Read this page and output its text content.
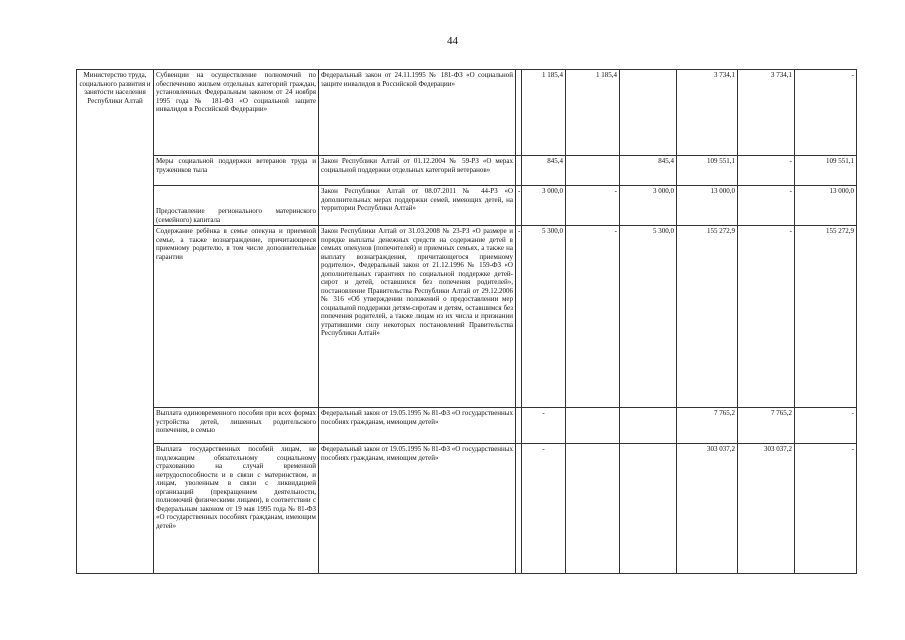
44
Министерство труда, социального развития и занятости населения Республики Алтай	Субвенции на осуществление полномочий по обеспечению жильем отдельных категорий граждан, установленных Федеральным законом от 24 ноября 1995 года № 181-ФЗ «О социальной защите инвалидов в Российской Федерации»	Федеральный закон от 24.11.1995 № 181-ФЗ «О социальной защите инвалидов в Российской Федерации»		1 185,4	1 185,4		3 734,1	3 734,1	-
	Меры социальной поддержки ветеранов труда и тружеников тыла	Закон Республики Алтай от 01.12.2004 № 59-РЗ «О мерах социальной поддержки отдельных категорий ветеранов»		845,4		845,4	109 551,1	-	109 551,1
	Предоставление регионального материнского (семейного) капитала	Закон Республики Алтай от 08.07.2011 № 44-РЗ «О дополнительных мерах поддержки семей, имеющих детей, на территории Республики Алтай»	-	3 000,0	-	3 000,0	13 000,0	-	13 000,0
	Содержание ребёнка в семье опекуна и приемной семье, а также вознаграждение, причитающееся приемному родителю, в том числе дополнительные гарантии	Закон Республики Алтай от 31.03.2008 № 23-РЗ «О размере и порядке выплаты денежных средств на содержание детей в семьях опекунов (попечителей) и приемных семьях, а также на выплату вознаграждения, причитающегося приемному родителю», Федеральный закон от 21.12.1996 № 159-ФЗ «О дополнительных гарантиях по социальной поддержке детей-сирот и детей, оставшихся без попечения родителей», постановление Правительства Республики Алтай от 29.12.2006 № 316 «Об утверждении положений о предоставлении мер социальной поддержки детям-сиротам и детям, оставшимся без попечения родителей, а также лицам из их числа и признании утратившими силу некоторых постановлений Правительства Республики Алтай»	-	5 300,0	-	5 300,0	155 272,9	-	155 272,9
	Выплата единовременного пособия при всех формах устройства детей, лишенных родительского попечения, в семью	Федеральный закон от 19.05.1995 № 81-ФЗ «О государственных пособиях гражданам, имеющим детей»		-			7 765,2	7 765,2	-
	Выплата государственных пособий лицам, не подлежащим обязательному социальному страхованию на случай временной нетрудоспособности и в связи с материнством, и лицам, уволенным в связи с ликвидацией организаций (прекращением деятельности, полномочий физическими лицами), в соответствии с Федеральным законом от 19 мая 1995 года № 81-ФЗ «О государственных пособиях гражданам, имеющим детей»	Федеральный закон от 19.05.1995 № 81-ФЗ «О государственных пособиях гражданам, имеющим детей»		-			303 037,2	303 037,2	-
